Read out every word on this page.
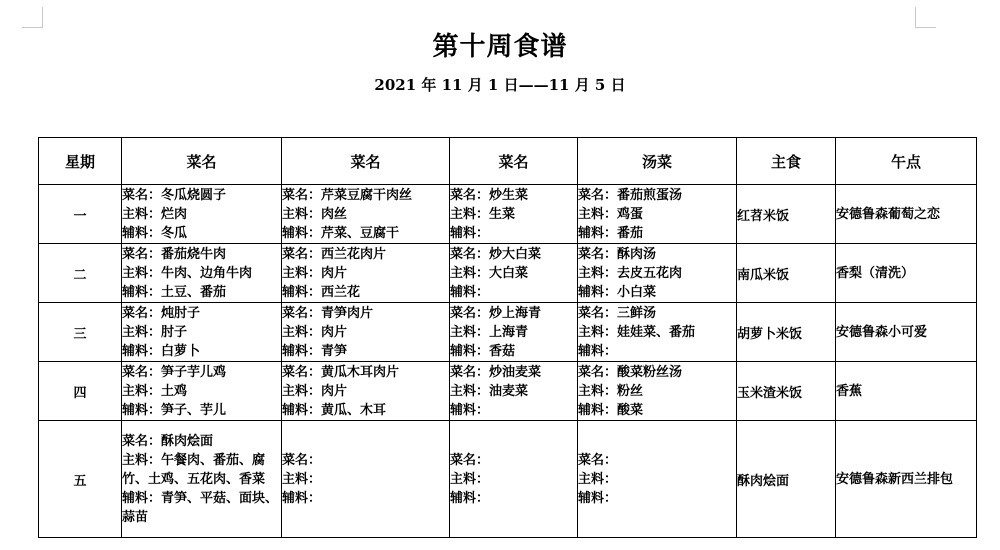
第十周食谱
2021 年 11 月 1 日——11 月 5 日
星期	菜名	菜名	菜名	汤菜	主食	午点
一	菜名：冬瓜烧圆子
主料：烂肉
辅料：冬瓜	菜名：芹菜豆腐干肉丝
主料：肉丝
辅料：芹菜、豆腐干	菜名：炒生菜
主料：生菜
辅料：	菜名：番茄煎蛋汤
主料：鸡蛋
辅料：番茄	红苕米饭	安德鲁森葡萄之恋
二	菜名：番茄烧牛肉
主料：牛肉、边角牛肉
辅料：土豆、番茄	菜名：西兰花肉片
主料：肉片
辅料：西兰花	菜名：炒大白菜
主料：大白菜
辅料：	菜名：酥肉汤
主料：去皮五花肉
辅料：小白菜	南瓜米饭	香梨（清洗）
三	菜名：炖肘子
主料：肘子
辅料：白萝卜	菜名：青笋肉片
主料：肉片
辅料：青笋	菜名：炒上海青
主料：上海青
辅料：香菇	菜名：三鲜汤
主料：娃娃菜、番茄
辅料：	胡萝卜米饭	安德鲁森小可爱
四	菜名：笋子芋儿鸡
主料：土鸡
辅料：笋子、芋儿	菜名：黄瓜木耳肉片
主料：肉片
辅料：黄瓜、木耳	菜名：炒油麦菜
主料：油麦菜
辅料：	菜名：酸菜粉丝汤
主料：粉丝
辅料：酸菜	玉米渣米饭	香蕉
五	菜名：酥肉烩面
主料：午餐肉、番茄、腐竹、土鸡、五花肉、香菜
辅料：青笋、平菇、面块、蒜苗	菜名：
主料：
辅料：	菜名：
主料：
辅料：	菜名：
主料：
辅料：	酥肉烩面	安德鲁森新西兰排包
